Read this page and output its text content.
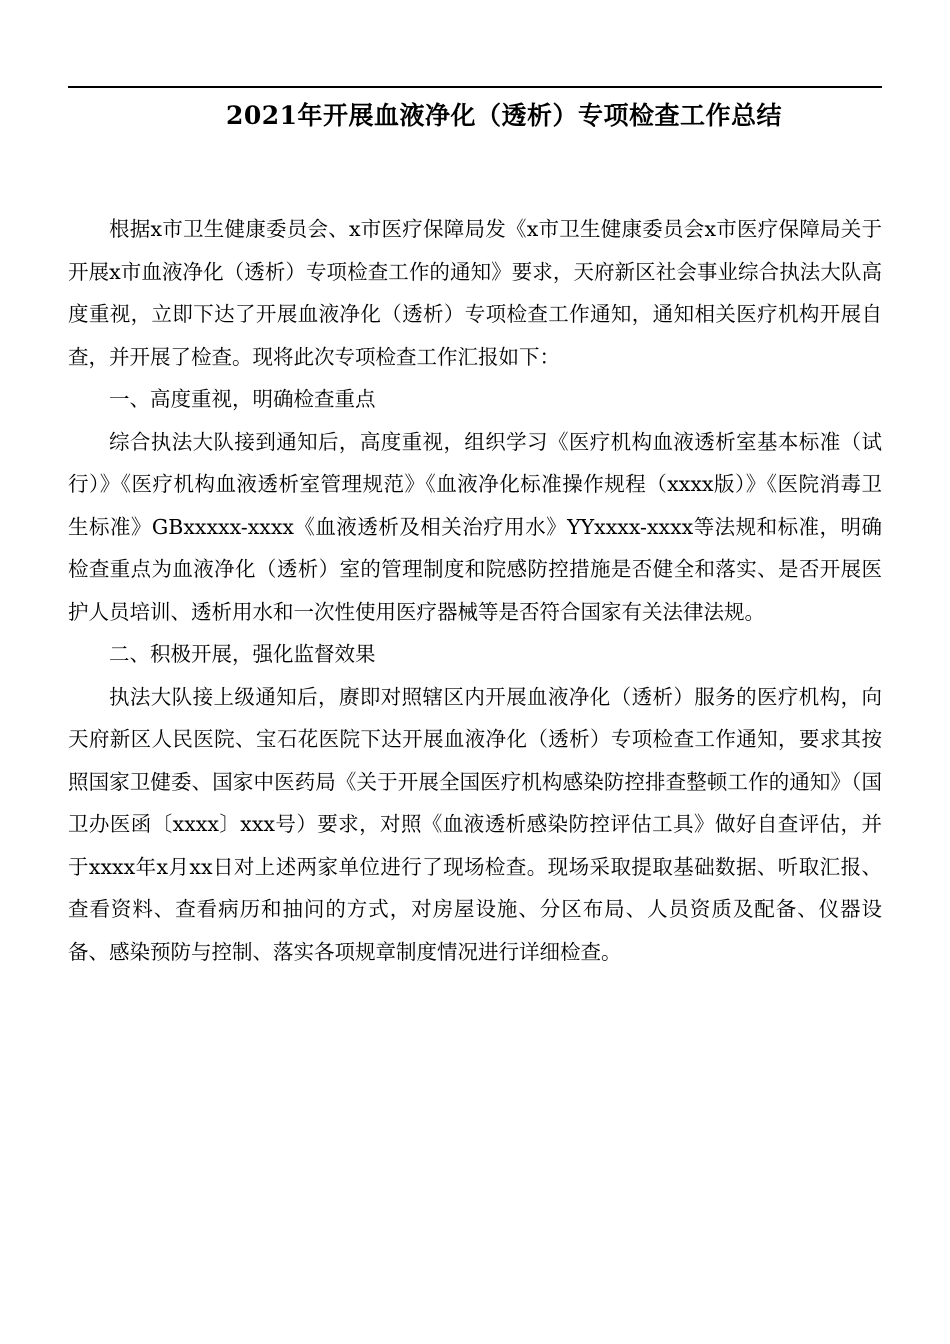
2021年开展血液净化（透析）专项检查工作总结

根据x市卫生健康委员会、x市医疗保障局发《x市卫生健康委员会x市医疗保障局关于开展x市血液净化（透析）专项检查工作的通知》要求，天府新区社会事业综合执法大队高度重视，立即下达了开展血液净化（透析）专项检查工作通知，通知相关医疗机构开展自查，并开展了检查。现将此次专项检查工作汇报如下：

一、高度重视，明确检查重点

综合执法大队接到通知后，高度重视，组织学习《医疗机构血液透析室基本标准（试行）》《医疗机构血液透析室管理规范》《血液净化标准操作规程（xxxx版）》《医院消毒卫生标准》GBxxxxx-xxxx《血液透析及相关治疗用水》YYxxxx-xxxx等法规和标准，明确检查重点为血液净化（透析）室的管理制度和院感防控措施是否健全和落实、是否开展医护人员培训、透析用水和一次性使用医疗器械等是否符合国家有关法律法规。

二、积极开展，强化监督效果

执法大队接上级通知后，赓即对照辖区内开展血液净化（透析）服务的医疗机构，向天府新区人民医院、宝石花医院下达开展血液净化（透析）专项检查工作通知，要求其按照国家卫健委、国家中医药局《关于开展全国医疗机构感染防控排查整顿工作的通知》（国卫办医函〔xxxx〕xxx号）要求，对照《血液透析感染防控评估工具》做好自查评估，并于xxxx年x月xx日对上述两家单位进行了现场检查。现场采取提取基础数据、听取汇报、查看资料、查看病历和抽问的方式，对房屋设施、分区布局、人员资质及配备、仪器设备、感染预防与控制、落实各项规章制度情况进行详细检查。
